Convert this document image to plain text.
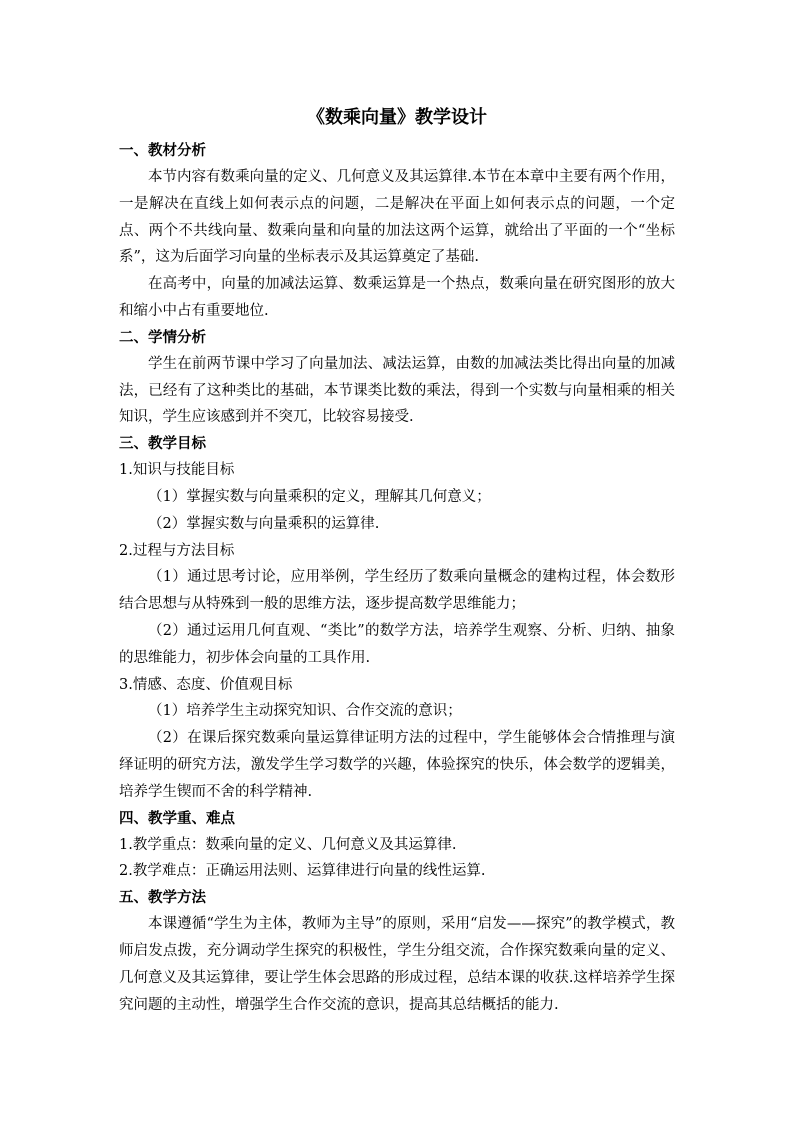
《数乘向量》教学设计
一、教材分析

本节内容有数乘向量的定义、几何意义及其运算律.本节在本章中主要有两个作用，一是解决在直线上如何表示点的问题，二是解决在平面上如何表示点的问题，一个定点、两个不共线向量、数乘向量和向量的加法这两个运算，就给出了平面的一个“坐标系”，这为后面学习向量的坐标表示及其运算奠定了基础.

在高考中，向量的加减法运算、数乘运算是一个热点，数乘向量在研究图形的放大和缩小中占有重要地位.

二、学情分析

学生在前两节课中学习了向量加法、减法运算，由数的加减法类比得出向量的加减法，已经有了这种类比的基础，本节课类比数的乘法，得到一个实数与向量相乘的相关知识，学生应该感到并不突兀，比较容易接受.

三、教学目标

1.知识与技能目标

（1）掌握实数与向量乘积的定义，理解其几何意义；

（2）掌握实数与向量乘积的运算律.

2.过程与方法目标

（1）通过思考讨论，应用举例，学生经历了数乘向量概念的建构过程，体会数形结合思想与从特殊到一般的思维方法，逐步提高数学思维能力；

（2）通过运用几何直观、“类比”的数学方法，培养学生观察、分析、归纳、抽象的思维能力，初步体会向量的工具作用.

3.情感、态度、价值观目标

（1）培养学生主动探究知识、合作交流的意识；

（2）在课后探究数乘向量运算律证明方法的过程中，学生能够体会合情推理与演绎证明的研究方法，激发学生学习数学的兴趣，体验探究的快乐，体会数学的逻辑美，培养学生锲而不舍的科学精神.

四、教学重、难点

1.教学重点：数乘向量的定义、几何意义及其运算律.

2.教学难点：正确运用法则、运算律进行向量的线性运算.

五、教学方法

本课遵循“学生为主体，教师为主导”的原则，采用“启发——探究”的教学模式，教师启发点拨，充分调动学生探究的积极性，学生分组交流，合作探究数乘向量的定义、几何意义及其运算律，要让学生体会思路的形成过程，总结本课的收获.这样培养学生探究问题的主动性，增强学生合作交流的意识，提高其总结概括的能力.
